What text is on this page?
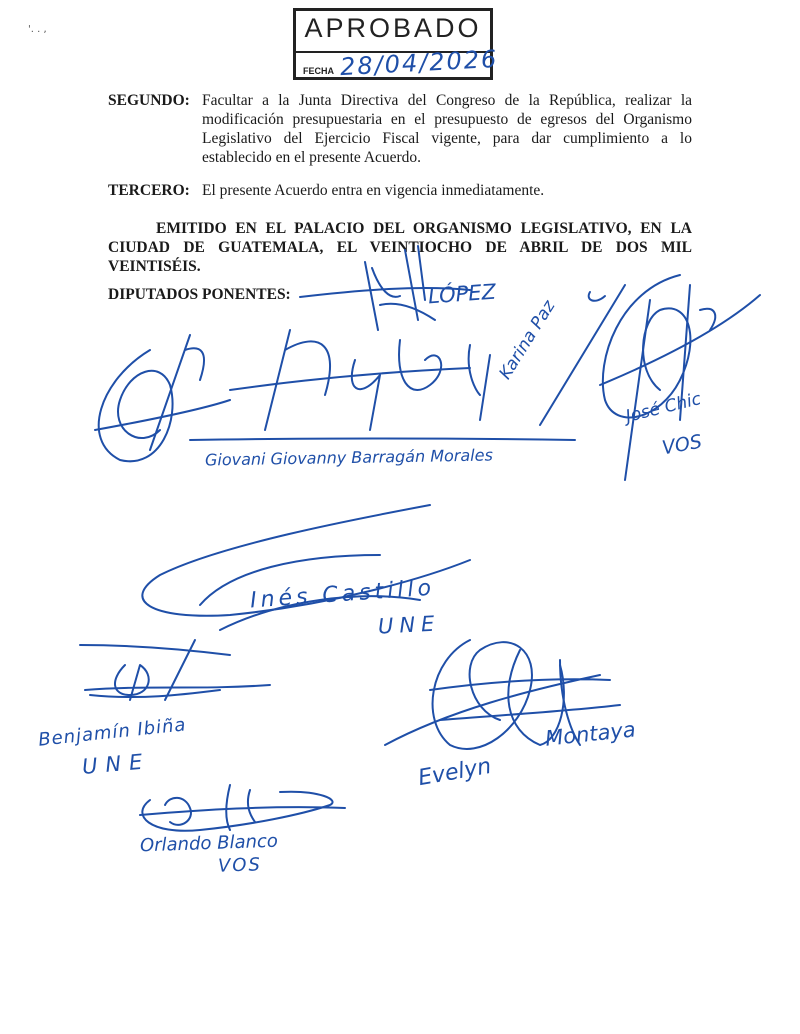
'. . ,	APROBADO
FECHA 28/04/2026
SEGUNDO: Facultar a la Junta Directiva del Congreso de la República, realizar la modificación presupuestaria en el presupuesto de egresos del Organismo Legislativo del Ejercicio Fiscal vigente, para dar cumplimiento a lo establecido en el presente Acuerdo.
TERCERO: El presente Acuerdo entra en vigencia inmediatamente.
EMITIDO EN EL PALACIO DEL ORGANISMO LEGISLATIVO, EN LA CIUDAD DE GUATEMALA, EL VEINTIOCHO DE ABRIL DE DOS MIL VEINTISÉIS.
DIPUTADOS PONENTES:	LÓPEZ
Karina Paz
Giovani Giovanny Barragán Morales
José Chic
VOS
Inés Castillo
UNE
Benjamín Ibiña
UNE
Montaya
Evelyn
Orlando Blanco
VOS
